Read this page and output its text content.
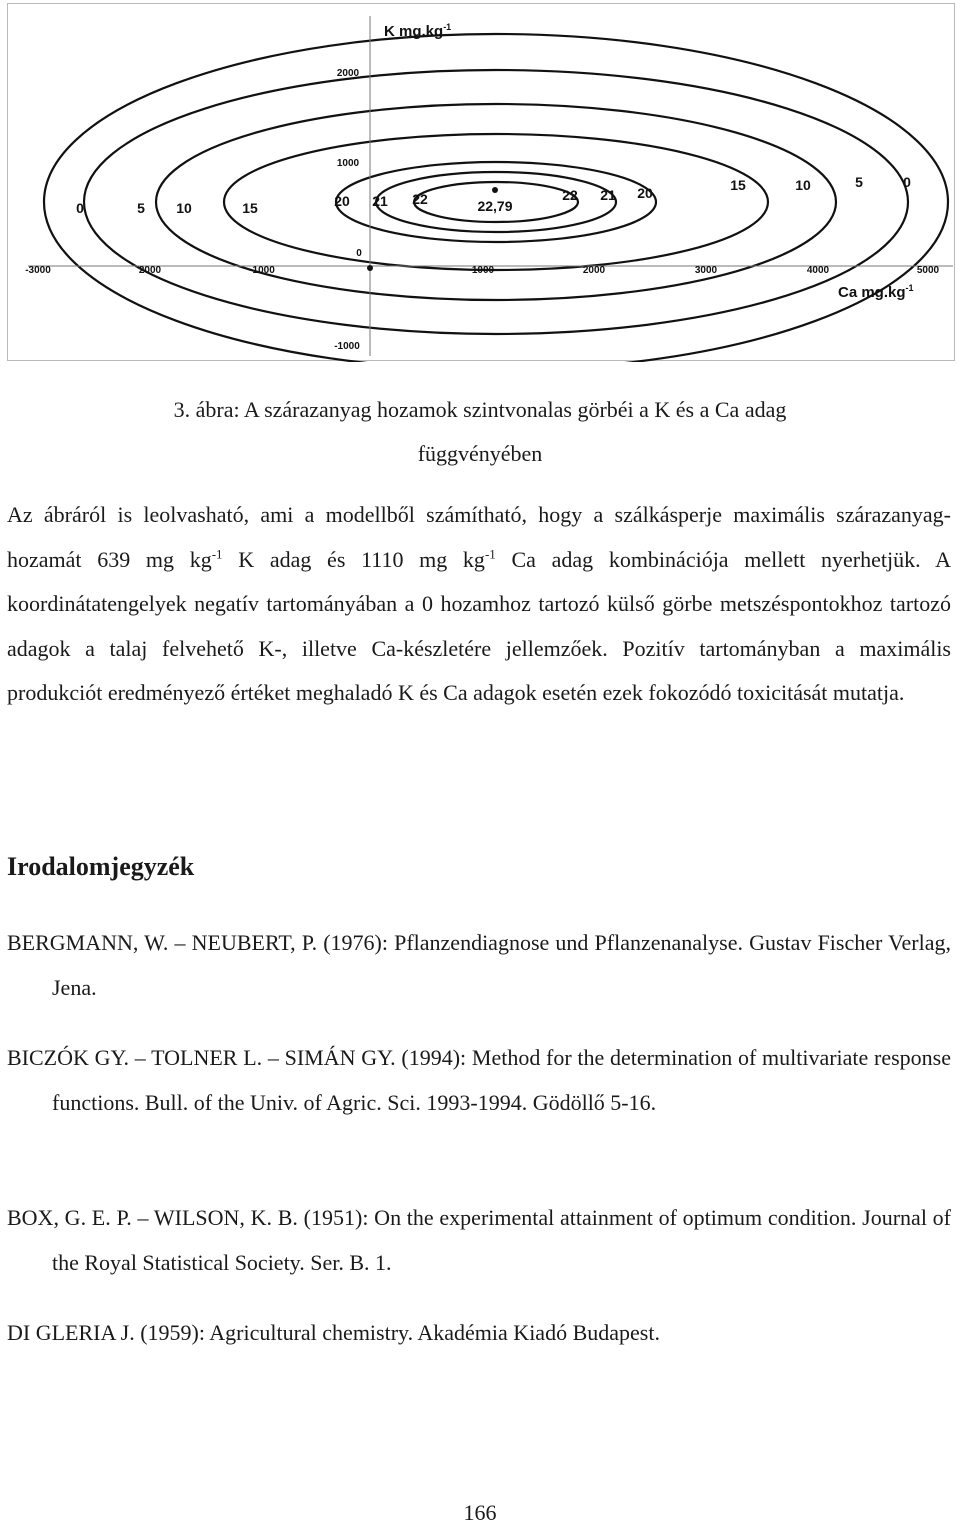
-3000	2000	-1000
0
1000	2000	3000	4000	5000
2000
1000
-1000
0	5 10	15	20 21 22	22 21 20	15	10	5	0
22,79
K $mg.kg^{-1}$
Ca $mg.kg^{-1}$
3. ábra: A szárazanyag hozamok szintvonalas görbéi a K és a Ca adag
függvényében
Az ábráról is leolvasható, ami a modellből számítható, hogy a szálkásperje maximális szárazanyag-hozamát 639 mg $kg^{-1}$ K adag és 1110 mg $kg^{-1}$ Ca adag kombinációja mellett nyerhetjük. A koordinátatengelyek negatív tartományában a 0 hozamhoz tartozó külső görbe metszéspontokhoz tartozó adagok a talaj felvehető K-, illetve Ca-készletére jellemzőek. Pozitív tartományban a maximális produkciót eredményező értéket meghaladó K és Ca adagok esetén ezek fokozódó toxicitását mutatja.
Irodalomjegyzék
BERGMANN, W. – NEUBERT, P. (1976): Pflanzendiagnose und Pflanzenanalyse. Gustav Fischer Verlag, Jena.
BICZÓK GY. – TOLNER L. – SIMÁN GY. (1994): Method for the determination of multivariate response functions. Bull. of the Univ. of Agric. Sci. 1993-1994. Gödöllő 5-16.
BOX, G. E. P. – WILSON, K. B. (1951): On the experimental attainment of optimum condition. Journal of the Royal Statistical Society. Ser. B. 1.
DI GLERIA J. (1959): Agricultural chemistry. Akadémia Kiadó Budapest.
166
